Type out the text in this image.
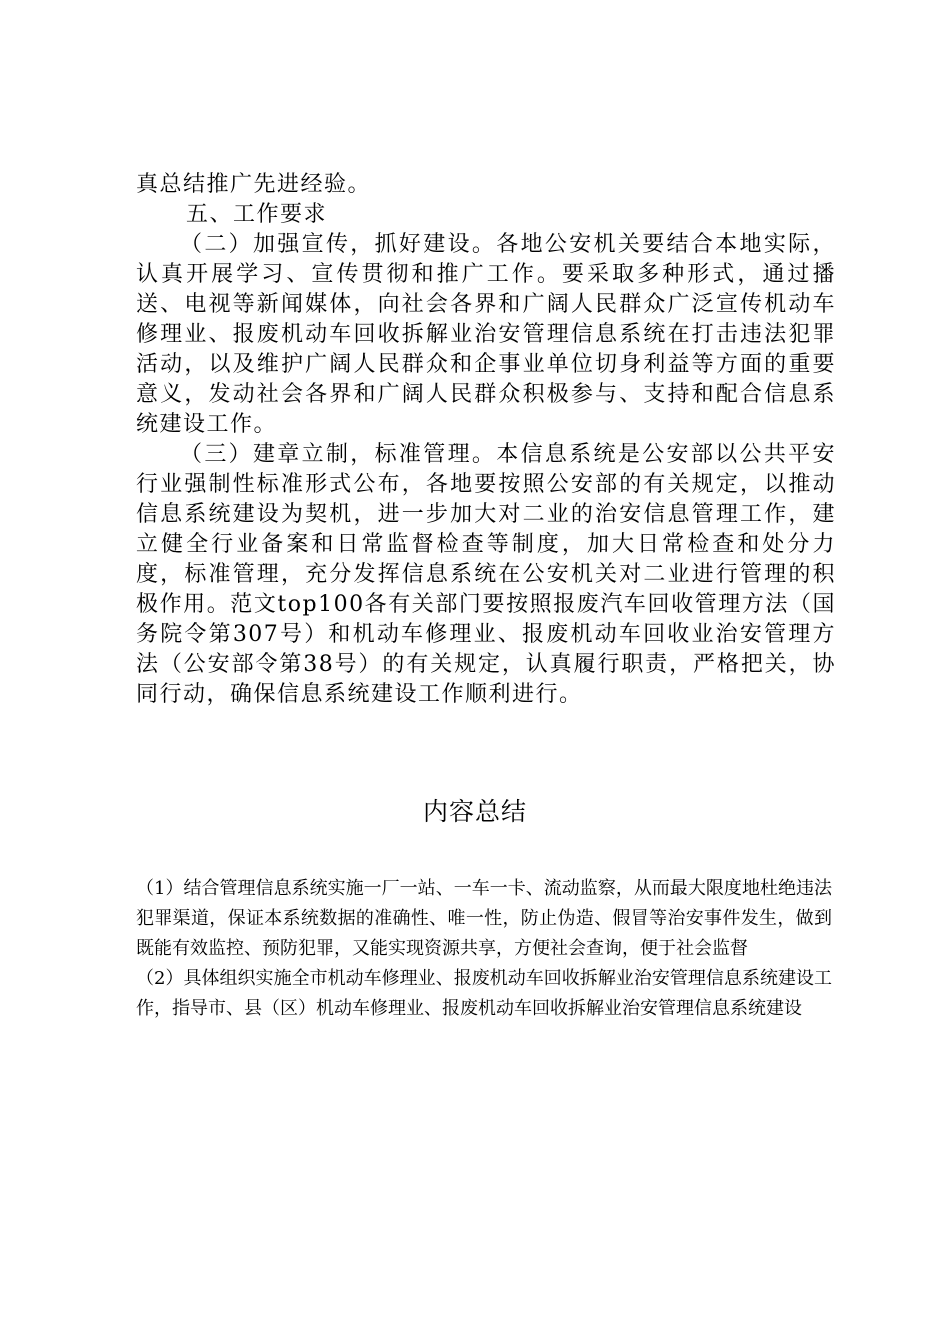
真总结推广先进经验。

五、工作要求

（二）加强宣传，抓好建设。各地公安机关要结合本地实际，认真开展学习、宣传贯彻和推广工作。要采取多种形式，通过播送、电视等新闻媒体，向社会各界和广阔人民群众广泛宣传机动车修理业、报废机动车回收拆解业治安管理信息系统在打击违法犯罪活动，以及维护广阔人民群众和企事业单位切身利益等方面的重要意义，发动社会各界和广阔人民群众积极参与、支持和配合信息系统建设工作。

（三）建章立制，标准管理。本信息系统是公安部以公共平安行业强制性标准形式公布，各地要按照公安部的有关规定，以推动信息系统建设为契机，进一步加大对二业的治安信息管理工作，建立健全行业备案和日常监督检查等制度，加大日常检查和处分力度，标准管理，充分发挥信息系统在公安机关对二业进行管理的积极作用。范文top100各有关部门要按照报废汽车回收管理方法（国务院令第307号）和机动车修理业、报废机动车回收业治安管理方法（公安部令第38号）的有关规定，认真履行职责，严格把关，协同行动，确保信息系统建设工作顺利进行。

内容总结

（1）结合管理信息系统实施一厂一站、一车一卡、流动监察，从而最大限度地杜绝违法犯罪渠道，保证本系统数据的准确性、唯一性，防止伪造、假冒等治安事件发生，做到既能有效监控、预防犯罪，又能实现资源共享，方便社会查询，便于社会监督

（2）具体组织实施全市机动车修理业、报废机动车回收拆解业治安管理信息系统建设工作，指导市、县（区）机动车修理业、报废机动车回收拆解业治安管理信息系统建设
